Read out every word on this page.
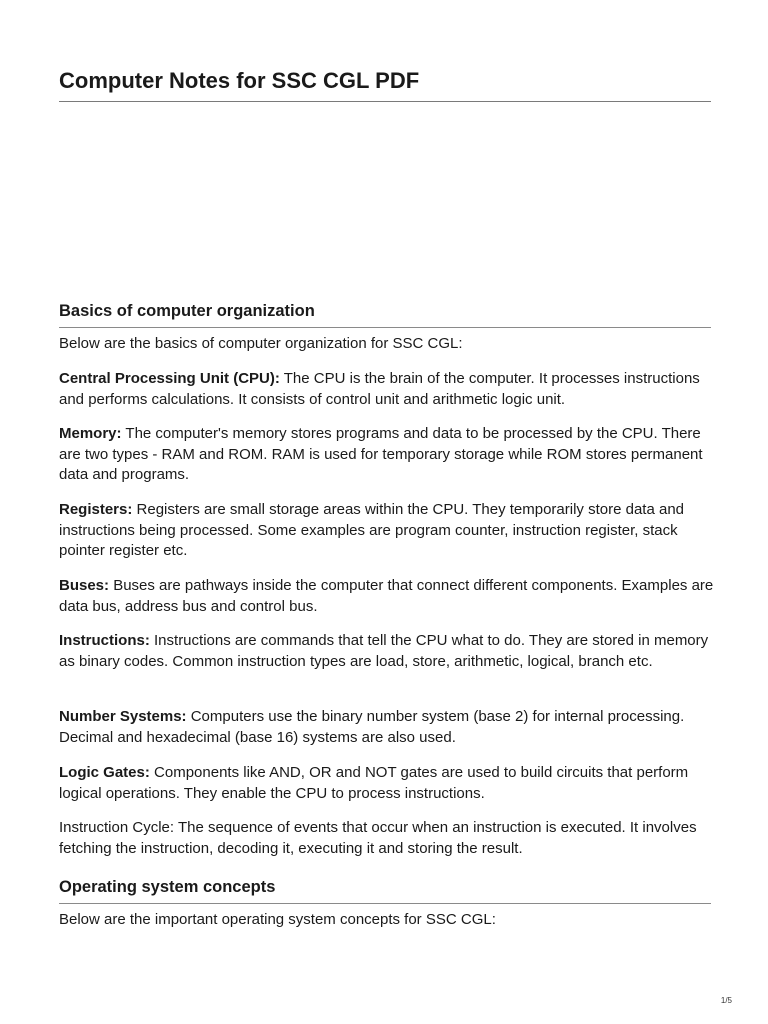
Computer Notes for SSC CGL PDF
Basics of computer organization

Below are the basics of computer organization for SSC CGL:

Central Processing Unit (CPU): The CPU is the brain of the computer. It processes instructions and performs calculations. It consists of control unit and arithmetic logic unit.

Memory: The computer's memory stores programs and data to be processed by the CPU. There are two types - RAM and ROM. RAM is used for temporary storage while ROM stores permanent data and programs.

Registers: Registers are small storage areas within the CPU. They temporarily store data and instructions being processed. Some examples are program counter, instruction register, stack pointer register etc.

Buses: Buses are pathways inside the computer that connect different components. Examples are data bus, address bus and control bus.

Instructions: Instructions are commands that tell the CPU what to do. They are stored in memory as binary codes. Common instruction types are load, store, arithmetic, logical, branch etc.

Number Systems: Computers use the binary number system (base 2) for internal processing. Decimal and hexadecimal (base 16) systems are also used.

Logic Gates: Components like AND, OR and NOT gates are used to build circuits that perform logical operations. They enable the CPU to process instructions.

Instruction Cycle: The sequence of events that occur when an instruction is executed. It involves fetching the instruction, decoding it, executing it and storing the result.

Operating system concepts

Below are the important operating system concepts for SSC CGL:

1/5
